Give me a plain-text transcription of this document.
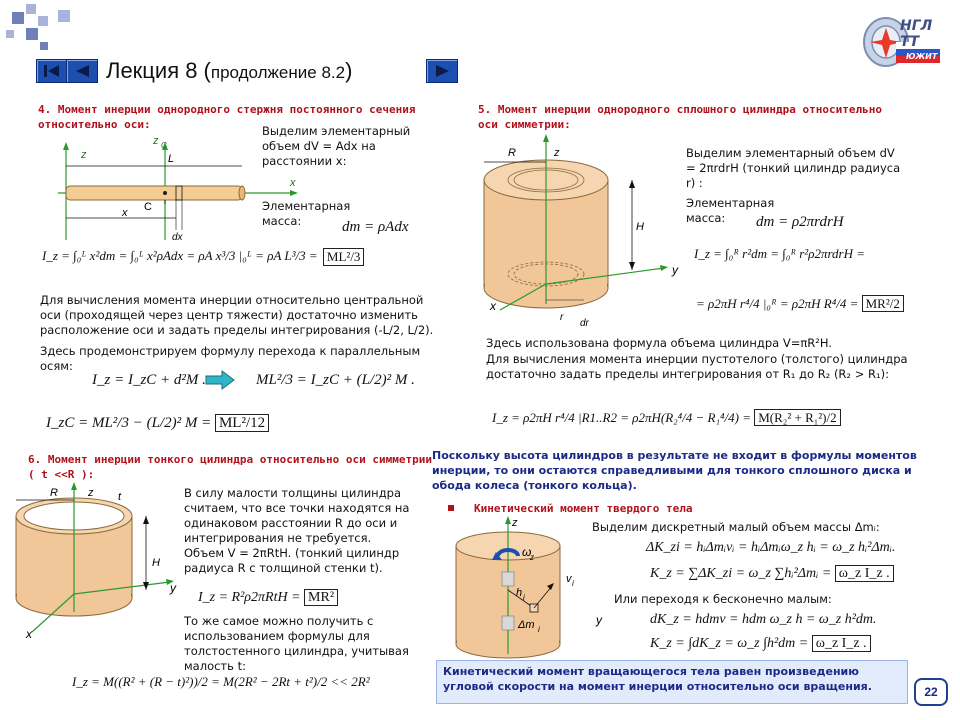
НГЛ ТТ
ЮЖИТ
Лекция 8 (продолжение 8.2)
4. Момент инерции однородного стержня постоянного сечения относительно оси:
z
z C
L
x
x C
dx
Выделим элементарный объем dV = Adx на расстоянии x:
Элементарная масса:	dm = ρAdx
I_z = ∫₀ᴸ x²dm = ∫₀ᴸ x²ρAdx = ρA x³/3 |₀ᴸ = ρA L³/3 = ML²/3
Для вычисления момента инерции относительно центральной оси (проходящей через центр тяжести) достаточно изменить расположение оси и задать пределы интегрирования (-L/2, L/2).
Здесь продемонстрируем формулу перехода к параллельным осям:
I_z = I_zC + d²M .	ML²/3 = I_zC + (L/2)² M .
I_zC = ML²/3 − (L/2)² M = ML²/12
5. Момент инерции однородного сплошного цилиндра относительно оси симметрии:
R	z
H
y
x
r
dr
Выделим элементарный объем dV = 2πrdrH (тонкий цилиндр радиуса r) :
Элементарная масса:	dm = ρ2πrdrH
I_z = ∫₀ᴿ r²dm = ∫₀ᴿ r²ρ2πrdrH =
= ρ2πH r⁴/4 |₀ᴿ = ρ2πH R⁴/4 = MR²/2
Здесь использована формула объема цилиндра V=πR²H.
Для вычисления момента инерции пустотелого (толстого) цилиндра достаточно задать пределы интегрирования от R₁ до R₂ (R₂ > R₁):
I_z = ρ2πH r⁴/4 |R1..R2 = ρ2πH(R₂⁴/4 − R₁⁴/4) = M(R₂² + R₁²)/2
6. Момент инерции тонкого цилиндра относительно оси симметрии ( t <<R ):
R	z t
H
y
x
В силу малости толщины цилиндра считаем, что все точки находятся на одинаковом расстоянии R до оси и интегрирования не требуется. Объем V = 2πRtH. (тонкий цилиндр радиуса R с толщиной стенки t).
I_z = R²ρ2πRtH = MR²
То же самое можно получить с использованием формулы для толстостенного цилиндра, учитывая малость t:
I_z = M((R² + (R − t)²))/2 = M(2R² − 2Rt + t²)/2 << 2R²
Поскольку высота цилиндров в результате не входит в формулы моментов инерции, то они остаются справедливыми для тонкого сплошного диска и обода колеса (тонкого кольца).
Кинетический момент твердого тела
ω
z
z
v i
h i
Δm i
y
Выделим дискретный малый объем массы Δmᵢ:
ΔK_zi = hᵢΔmᵢvᵢ = hᵢΔmᵢω_z hᵢ = ω_z hᵢ²Δmᵢ.
K_z = ∑ΔK_zi = ω_z ∑hᵢ²Δmᵢ = ω_z I_z .
Или переходя к бесконечно малым:
dK_z = hdmv = hdm ω_z h = ω_z h²dm.
K_z = ∫dK_z = ω_z ∫h²dm = ω_z I_z .
Кинетический момент вращающегося тела равен произведению угловой скорости на момент инерции относительно оси вращения.	22
